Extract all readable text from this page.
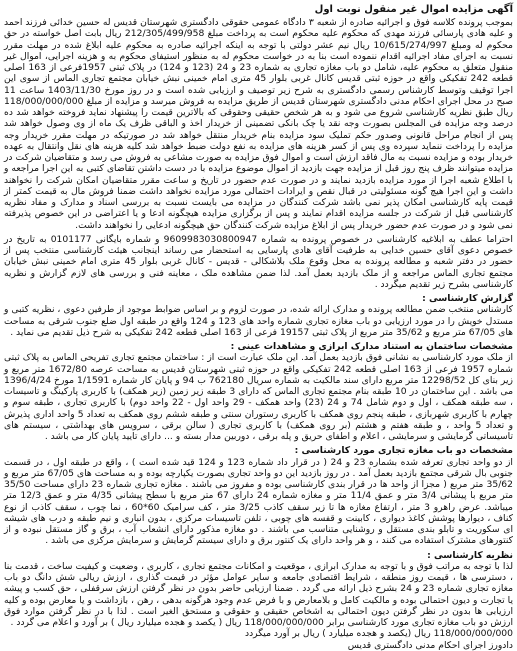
آگهی مزایده اموال غیر منقول نوبت اول

بموجب پرونده کلاسه فوق و اجرائیه صادره از شعبه ۳ دادگاه عمومی حقوقی دادگستری شهرستان قدیس له حسین خدائی فرزند احمد و علیه هادی پارسائی فرزند مهدی که محکوم علیه محکوم است به پرداخت مبلغ 212/305/499/958 ریال بابت اصل خواسته در حق محکوم له ومبلغ 10/615/274/997 ریال نیم عشر دولتی با توجه به اینکه اجرائیه صادره به محکوم علیه ابلاغ شده در مهلت مقرر نسبت به اجرای مفاد اجرائیه اقدام ننموده است بنا به در خواست محکوم له به منظور استیفای محکوم به و هزینه اجرایی، اموال غیر منقول متعلق به محکوم علیه، شامل دو باب مغازه تجاری به شماره 23 و 24 (123 و 124) در پلاک ثبتی 1957فرعی از 163 اصلی قطعه 242 تفکیکی واقع در حوزه ثبتی قدیس کانال غربی بلوار 45 متری امام خمینی نبش خیابان مجتمع تجاری الماس از سوی این اجرا توقیف وتوسط کارشناس رسمی دادگستری به شرح زیر توصیف و ارزیابی شده است و در روز مورخ 1403/11/30 ساعت 11 صبح در محل اجرای احکام مدنی دادگستری شهرستان قدیس از طریق مزایده به فروش میرسد و مزایده از مبلغ 118/000/000/000 ریال طبق نظریه کارشناسی شروع می شود و به هر شخص حقیقی وحقوقی که بالاترین قیمت را پیشنهاد نماید فروخته خواهد شد ده درصد وجه مزایده فی المجلس بصورت وجه نقد یا چک بانکی تضمینی از خریدار اخذ و الباقی ظرف یک ماه از وی وصول خواهد شد پس از انجام مراحل قانونی وصدور حکم تملیک سود مزایده بنام خریدار منتقل خواهد شد در صورتیکه در مهلت مقرر خریدار وجه مزایده را پرداخت ننماید سپرده وی پس از کسر هزینه های مزایده به نفع دولت ضبط خواهد شد کلیه هزینه های نقل وانتقال به عهده خریدار بوده و مزایده نسبت به مال فاقد ارزش است و اموال فوق مزایده به صورت مشاعی به فروش می رسد و متقاضیان شرکت در مزایده میتوانند ظرف پنج روز قبل از مزایده جهت بازدید از اموال موضوع مزایده با در دست داشتن تقاضای کتبی به این اجرا مراجعه و با اطلاع شعبه اجرا از مورد مزایده بازدید نمایند و در صورت عدم حضور در تاریخ و ساعت مقرر متقاضیان امکان شرکت را نخواهند داشت و این اجرا هیچ گونه مسئولیتی در قبال نقص و ایرادات احتمالی مورد مزایده نخواهد داشت ضمنا فروش مال به قیمت کمتر از قیمت پایه کارشناسی امکان پذیر نمی باشد شرکت کنندگان در مزایده می بایست نسبت به بررسی اسناد و مدارک و مفاد نظریه کارشناسی قبل از شرکت در جلسه مزایده اقدام نمایند و پس از برگزاری مزایده هیچگونه ادعا و یا اعتراضی در این خصوص پذیرفته نمی شود و در صورت عدم حضور خریدار پس از ابلاغ مزایده شرکت کنندگان حق هیچگونه ادعایی را نخواهند داشت.

احتراما عطف به ابلاغیه کارشناسی در خصوص پرونده به شماره 9609983030800947 و شماره بایگانی 0101177 به تاریخ در خصوص دعوی آقای حسین خدایی به طرفیت آقای هادی پارسایی به استحضار می رساند اینجانب هیئت کارشناسی منتخب پس از حضور در دفتر شعبه و مطالعه پرونده به محل وقوع ملک بلاشکالی - قدیس - کانال غربی بلوار 45 متری امام خمینی نبش خیابان مجتمع تجاری الماس مراجعه و از ملک بازدید بعمل آمد. لذا ضمن مشاهده ملک ، معاینه فنی و بررسی های لازم گزارش و نظریه کارشناسی بشرح زیر تقدیم میگردد .

گزارش کارشناسی :

کارشناس منتخب ضمن مطالعه پرونده و مدارک ارائه شده، در صورت لزوم و بر اساس ضوابط موجود از طرفین دعوی ، نظریه کتبی و مستدل خویش را در مورد ارزیابی دو باب مغازه تجاری شماره واحد های 123 و 124 واقع در طبقه اول ضلع جنوب شرقی به مساحت های 67/05 متر مربع و 35/62 متر مربع از پلاک ثبتی 19157 فرعی از 163 اصلی قطعه 242 تفکیکی به شرح ذیل تقدیم می نماید .

مشخصات ساختمان به استناد مدارک ابرازی و مشاهدات عینی :

از ملک مورد کارشناسی به نشانی فوق بازدید بعمل آمد. این ملک عبارت است از : ساختمان مجتمع تجاری تفریحی الماس به پلاک ثبتی شماره 1957 فرعی از 163 اصلی قطعه 242 تفکیکی واقع در حوزه ثبتی شهرستان قدیس به مساحت عرصه 1672/80 متر مربع و زیر بنای کل 12298/52 متر مربع دارای سند مالکیت به شماره سریال 762180 ب 94 و پایان کار شماره 1/1591 مورخ 1396/4/24 می باشد . این ساختمان در 10 طبقه بنام مجتمع تجاری الماس که دارای 3 طبقه زیر زمین (زیر همکف) با کاربری پارکینگ و تاسیسات ، سه طبقه همکف ، اول و دوم شامل 74 و 24 (23) واحد همکف - 29 واحد اول - 22 واحد دوم) با کاربری تجاری ، طبقه سوم و چهارم با کاربری شهربازی ، طبقه پنجم روی همکف با کاربری رستوران سنتی و طبقه ششم روی همکف به تعداد 5 واحد اداری پذیرش و تعداد 5 واحد ، و طبقه هفتم و هشتم (بر روی همکف) با کاربری تجاری ( سالن برقی ، سرویس های بهداشتی ، سیستم های تاسیساتی گرمایشی و سرمایشی ، اعلام و اطفای حریق و پله برقی ، دوربین مدار بسته و ... دارای تایید پایان کار می باشد .

مشخصات دو باب مغازه تجاری مورد کارشناسی :

از دو واحد تجاری تعرفه شده بشماره 23 و 24 ( در قرار داد شماره 123 و 124 قید شده است ) ، واقع در طبقه اول ، در قسمت جنوبی بال شرقی مجتمع بازدید بعمل آمد . در روز بازدید این دو واحد تجاری بصورت یکپارچه بوده و به مساحت های 67/05 متر مربع و 35/62 متر مربع ( مجزا از واحد ها در قرار بندی کارشناسی بوده و مفروز می باشند . مغازه تجاری شماره 23 دارای مساحت 35/50 متر مربع با پیشانی 3/4 متر و عمق 11/4 متر و مغازه شماره 24 دارای 67 متر مربع با سطح پیشانی 4/35 متر و عمق 12/3 متر میباشد. عرض راهرو 3 متر ، ارتفاع مغازه ها تا زیر سقف کاذب 3/25 متر ، کف سرامیک 60*60 ، نما چوب ، سقف کاذب از نوع کناف ، دیوارها پوشش کاغذ دیواری ، کابینت و قفسه های چوبی ، تلفن تاسیسات مرکزی ، بدون انباری و نیم طبقه و درب های شیشه ای سکوریت و تابلو بندی مستقل و روشنایی متناسب می باشند . دو مغازه مذکور دارای انشعاب آب ، برق و گاز مستقل نبوده و از کنتورهای مشترک استفاده می کنند ، و هر واحد دارای یک کنتور برق و دارای سیستم گرمایش و سرمایش مرکزی می باشد .

نظریه کارشناسی :

لذا با توجه به مراتب فوق و با توجه به مدارک ابرازی ، موقعیت و امکانات مجتمع تجاری ، کاربری ، وضعیت و کیفیت ساخت ، قدمت بنا ، دسترسی ها ، قیمت روز منطقه ، شرایط اقتصادی جامعه و سایر عوامل مؤثر در قیمت گذاری ، ارزش ریالی شش دانگ دو باب مغازه تجاری شماره 23 و 24 بشرح ذیل ارائه می گردد . ضمنا ارزیابی حاضر بدون در نظر گرفتن ارزش سرقفلی ، حق کسب و پیشه یا تجارت و دیون احتمالی بوده و مالکیت کامل و بلامعارض و با فرض عدم وجود هرگونه بدهی ، رهن ، بازداشت و یا معارض بوده و کلیه ارزیابی ها بدون در نظر گرفتن دیون احتمالی به اشخاص حقیقی و حقوقی و مستحق الغیر است . لذا با در نظر گرفتن موارد فوق ارزش دو باب مغازه تجاری مورد کارشناسی برابر 118/000/000/000 ریال ( یکصد و هجده میلیارد ریال ) بر آورد و اعلام می گردد .

118/000/000/000 ریال (یکصد و هجده میلیارد ) ریال بر آورد میگردد

دادورز اجرای احکام مدنی دادگستری قدیس
